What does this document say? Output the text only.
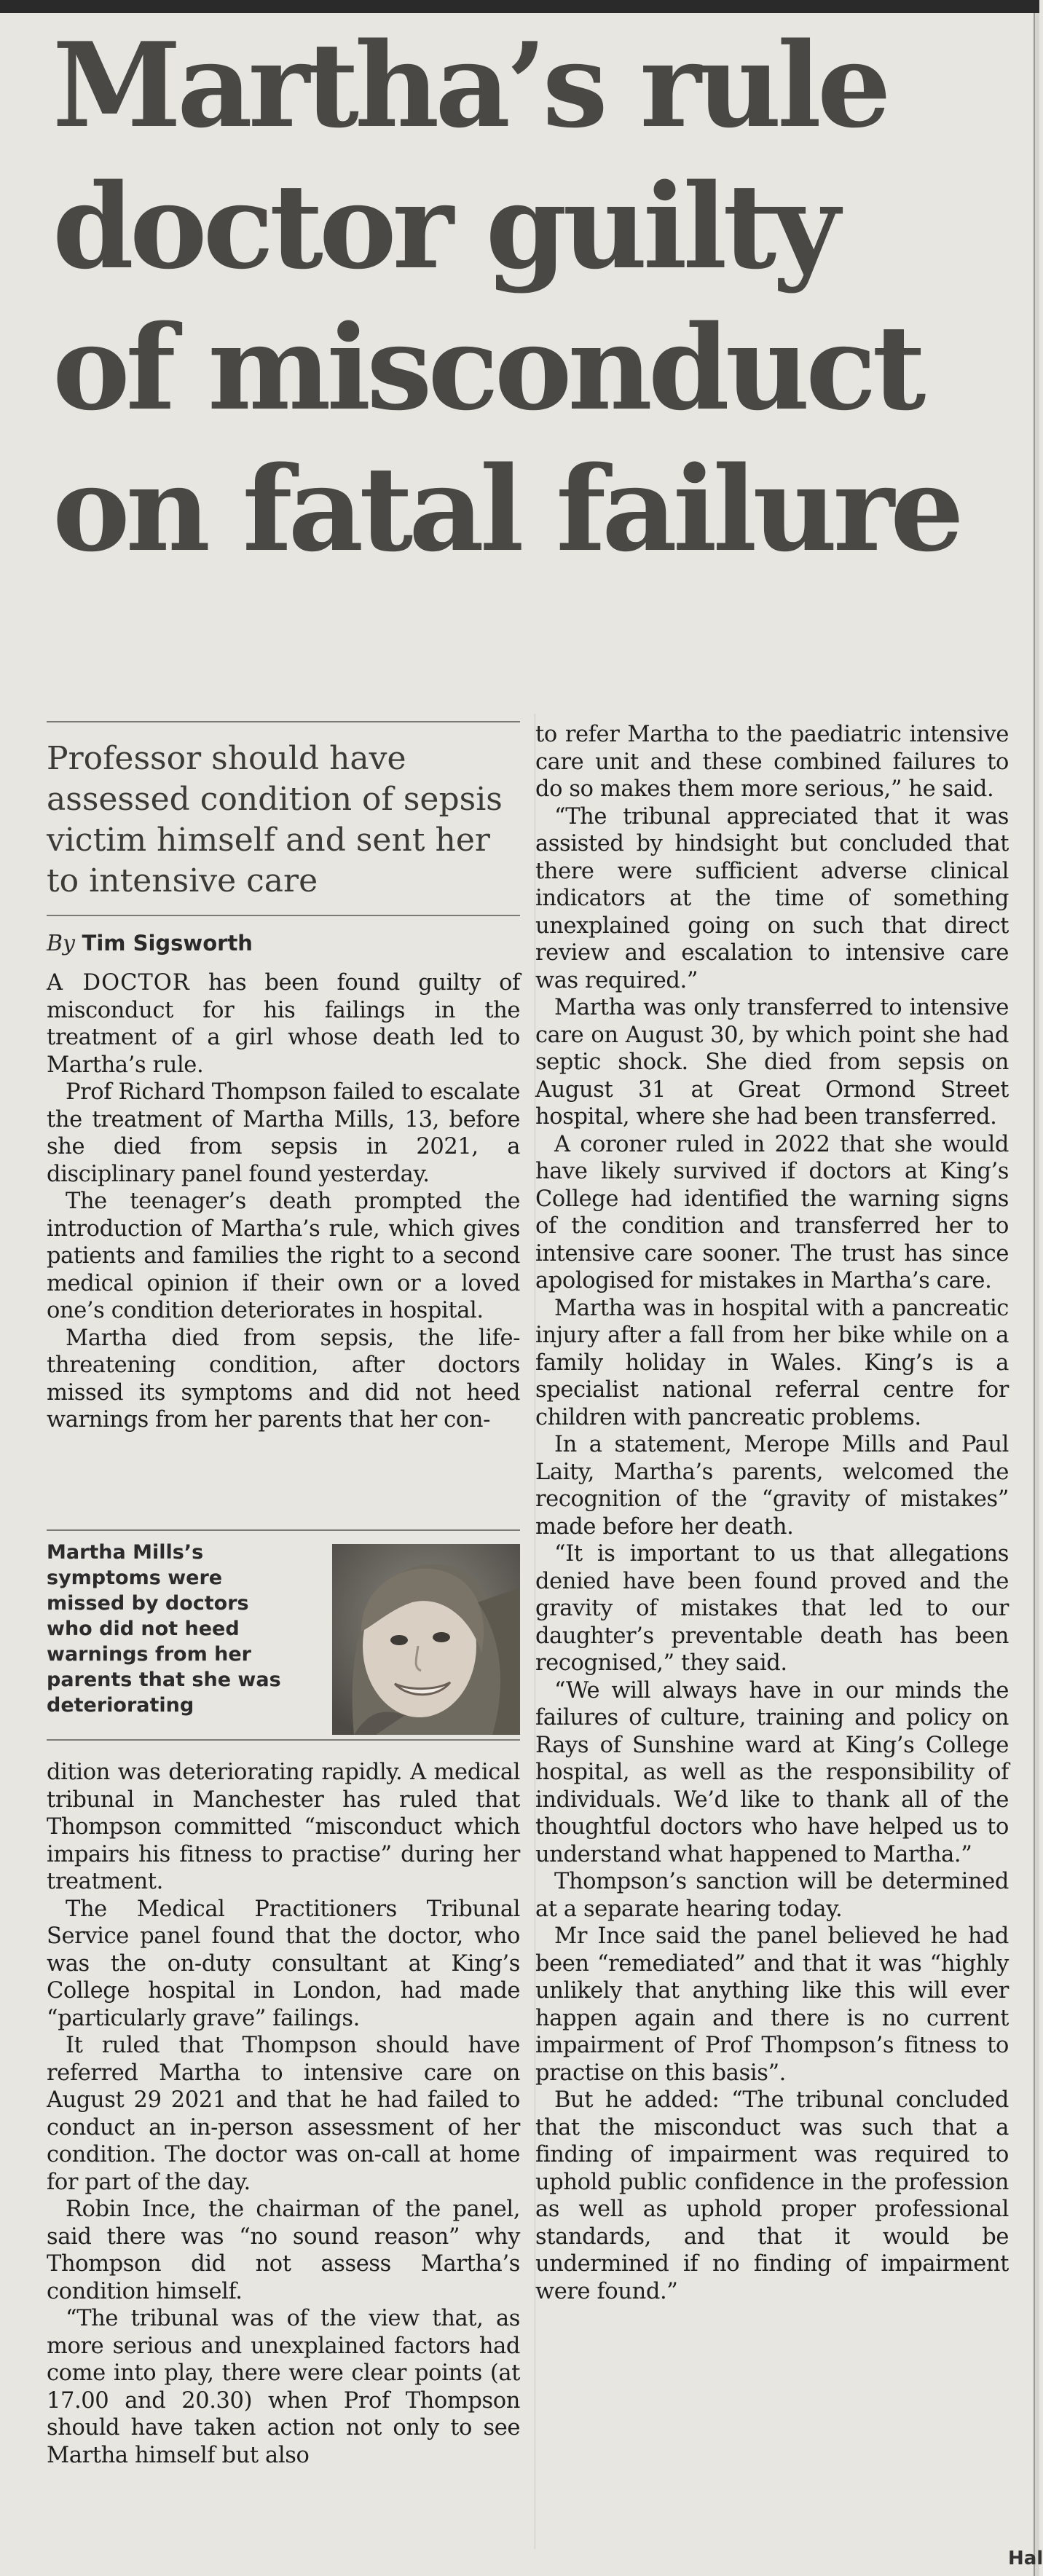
Martha’s rule
doctor guilty
of misconduct
on fatal failure
Professor should have assessed condition of sepsis victim himself and sent her to intensive care
By Tim Sigsworth

A DOCTOR has been found guilty of misconduct for his failings in the treatment of a girl whose death led to Martha’s rule.

Prof Richard Thompson failed to escalate the treatment of Martha Mills, 13, before she died from sepsis in 2021, a disciplinary panel found yesterday.

The teenager’s death prompted the introduction of Martha’s rule, which gives patients and families the right to a second medical opinion if their own or a loved one’s condition deteriorates in hospital.

Martha died from sepsis, the life-threatening condition, after doctors missed its symptoms and did not heed warnings from her parents that her con-

Martha Mills’s symptoms were missed by doctors who did not heed warnings from her parents that she was deteriorating

dition was deteriorating rapidly. A medical tribunal in Manchester has ruled that Thompson committed “misconduct which impairs his fitness to practise” during her treatment.

The Medical Practitioners Tribunal Service panel found that the doctor, who was the on-duty consultant at King’s College hospital in London, had made “particularly grave” failings.

It ruled that Thompson should have referred Martha to intensive care on August 29 2021 and that he had failed to conduct an in-person assessment of her condition. The doctor was on-call at home for part of the day.

Robin Ince, the chairman of the panel, said there was “no sound reason” why Thompson did not assess Martha’s condition himself.

“The tribunal was of the view that, as more serious and unexplained factors had come into play, there were clear points (at 17.00 and 20.30) when Prof Thompson should have taken action not only to see Martha himself but also

to refer Martha to the paediatric intensive care unit and these combined failures to do so makes them more serious,” he said.

“The tribunal appreciated that it was assisted by hindsight but concluded that there were sufficient adverse clinical indicators at the time of something unexplained going on such that direct review and escalation to intensive care was required.”

Martha was only transferred to intensive care on August 30, by which point she had septic shock. She died from sepsis on August 31 at Great Ormond Street hospital, where she had been transferred.

A coroner ruled in 2022 that she would have likely survived if doctors at King’s College had identified the warning signs of the condition and transferred her to intensive care sooner. The trust has since apologised for mistakes in Martha’s care.

Martha was in hospital with a pancreatic injury after a fall from her bike while on a family holiday in Wales. King’s is a specialist national referral centre for children with pancreatic problems.

In a statement, Merope Mills and Paul Laity, Martha’s parents, welcomed the recognition of the “gravity of mistakes” made before her death.

“It is important to us that allegations denied have been found proved and the gravity of mistakes that led to our daughter’s preventable death has been recognised,” they said.

“We will always have in our minds the failures of culture, training and policy on Rays of Sunshine ward at King’s College hospital, as well as the responsibility of individuals. We’d like to thank all of the thoughtful doctors who have helped us to understand what happened to Martha.”

Thompson’s sanction will be determined at a separate hearing today.

Mr Ince said the panel believed he had been “remediated” and that it was “highly unlikely that anything like this will ever happen again and there is no current impairment of Prof Thompson’s fitness to practise on this basis”.

But he added: “The tribunal concluded that the misconduct was such that a finding of impairment was required to uphold public confidence in the profession as well as uphold proper professional standards, and that it would be undermined if no finding of impairment were found.”

Hal
